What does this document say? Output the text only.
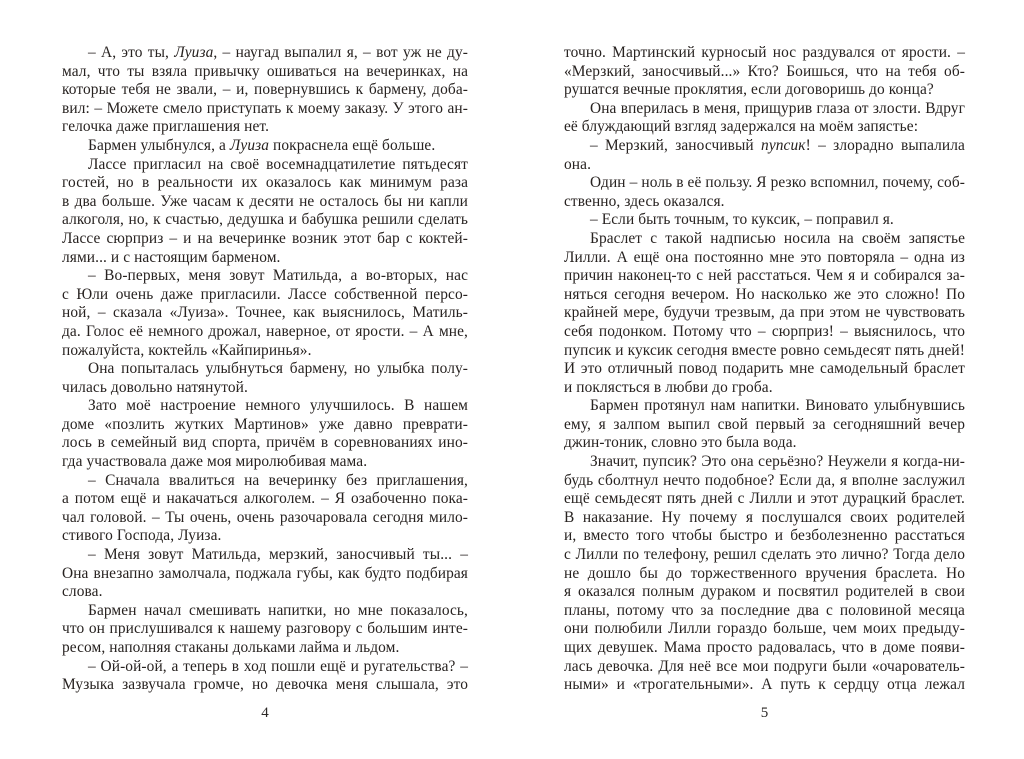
– А, это ты, Луиза, – наугад выпалил я, – вот уж не ду-
мал, что ты взяла привычку ошиваться на вечеринках, на
которые тебя не звали, – и, повернувшись к бармену, доба-
вил: – Можете смело приступать к моему заказу. У этого ан-
гелочка даже приглашения нет.
Бармен улыбнулся, а Луиза покраснела ещё больше.
Лассе пригласил на своё восемнадцатилетие пятьдесят
гостей, но в реальности их оказалось как минимум раза
в два больше. Уже часам к десяти не осталось бы ни капли
алкоголя, но, к счастью, дедушка и бабушка решили сделать
Лассе сюрприз – и на вечеринке возник этот бар с коктей-
лями... и с настоящим барменом.
– Во-первых, меня зовут Матильда, а во-вторых, нас
с Юли очень даже пригласили. Лассе собственной персо-
ной, – сказала «Луиза». Точнее, как выяснилось, Матиль-
да. Голос её немного дрожал, наверное, от ярости. – А мне,
пожалуйста, коктейль «Кайпиринья».
Она попыталась улыбнуться бармену, но улыбка полу-
чилась довольно натянутой.
Зато моё настроение немного улучшилось. В нашем
доме «позлить жутких Мартинов» уже давно преврати-
лось в семейный вид спорта, причём в соревнованиях ино-
гда участвовала даже моя миролюбивая мама.
– Сначала ввалиться на вечеринку без приглашения,
а потом ещё и накачаться алкоголем. – Я озабоченно пока-
чал головой. – Ты очень, очень разочаровала сегодня мило-
стивого Господа, Луиза.
– Меня зовут Матильда, мерзкий, заносчивый ты... –
Она внезапно замолчала, поджала губы, как будто подбирая
слова.
Бармен начал смешивать напитки, но мне показалось,
что он прислушивался к нашему разговору с большим инте-
ресом, наполняя стаканы дольками лайма и льдом.
– Ой-ой-ой, а теперь в ход пошли ещё и ругательства? –
Музыка зазвучала громче, но девочка меня слышала, это
4
точно. Мартинский курносый нос раздувался от ярости. –
«Мерзкий, заносчивый...» Кто? Боишься, что на тебя об-
рушатся вечные проклятия, если договоришь до конца?
Она вперилась в меня, прищурив глаза от злости. Вдруг
её блуждающий взгляд задержался на моём запястье:
– Мерзкий, заносчивый пупсик! – злорадно выпалила
она.
Один – ноль в её пользу. Я резко вспомнил, почему, соб-
ственно, здесь оказался.
– Если быть точным, то куксик, – поправил я.
Браслет с такой надписью носила на своём запястье
Лилли. А ещё она постоянно мне это повторяла – одна из
причин наконец-то с ней расстаться. Чем я и собирался за-
няться сегодня вечером. Но насколько же это сложно! По
крайней мере, будучи трезвым, да при этом не чувствовать
себя подонком. Потому что – сюрприз! – выяснилось, что
пупсик и куксик сегодня вместе ровно семьдесят пять дней!
И это отличный повод подарить мне самодельный браслет
и поклясться в любви до гроба.
Бармен протянул нам напитки. Виновато улыбнувшись
ему, я залпом выпил свой первый за сегодняшний вечер
джин-тоник, словно это была вода.
Значит, пупсик? Это она серьёзно? Неужели я когда-ни-
будь сболтнул нечто подобное? Если да, я вполне заслужил
ещё семьдесят пять дней с Лилли и этот дурацкий браслет.
В наказание. Ну почему я послушался своих родителей
и, вместо того чтобы быстро и безболезненно расстаться
с Лилли по телефону, решил сделать это лично? Тогда дело
не дошло бы до торжественного вручения браслета. Но
я оказался полным дураком и посвятил родителей в свои
планы, потому что за последние два с половиной месяца
они полюбили Лилли гораздо больше, чем моих предыду-
щих девушек. Мама просто радовалась, что в доме появи-
лась девочка. Для неё все мои подруги были «очарователь-
ными» и «трогательными». А путь к сердцу отца лежал
5
